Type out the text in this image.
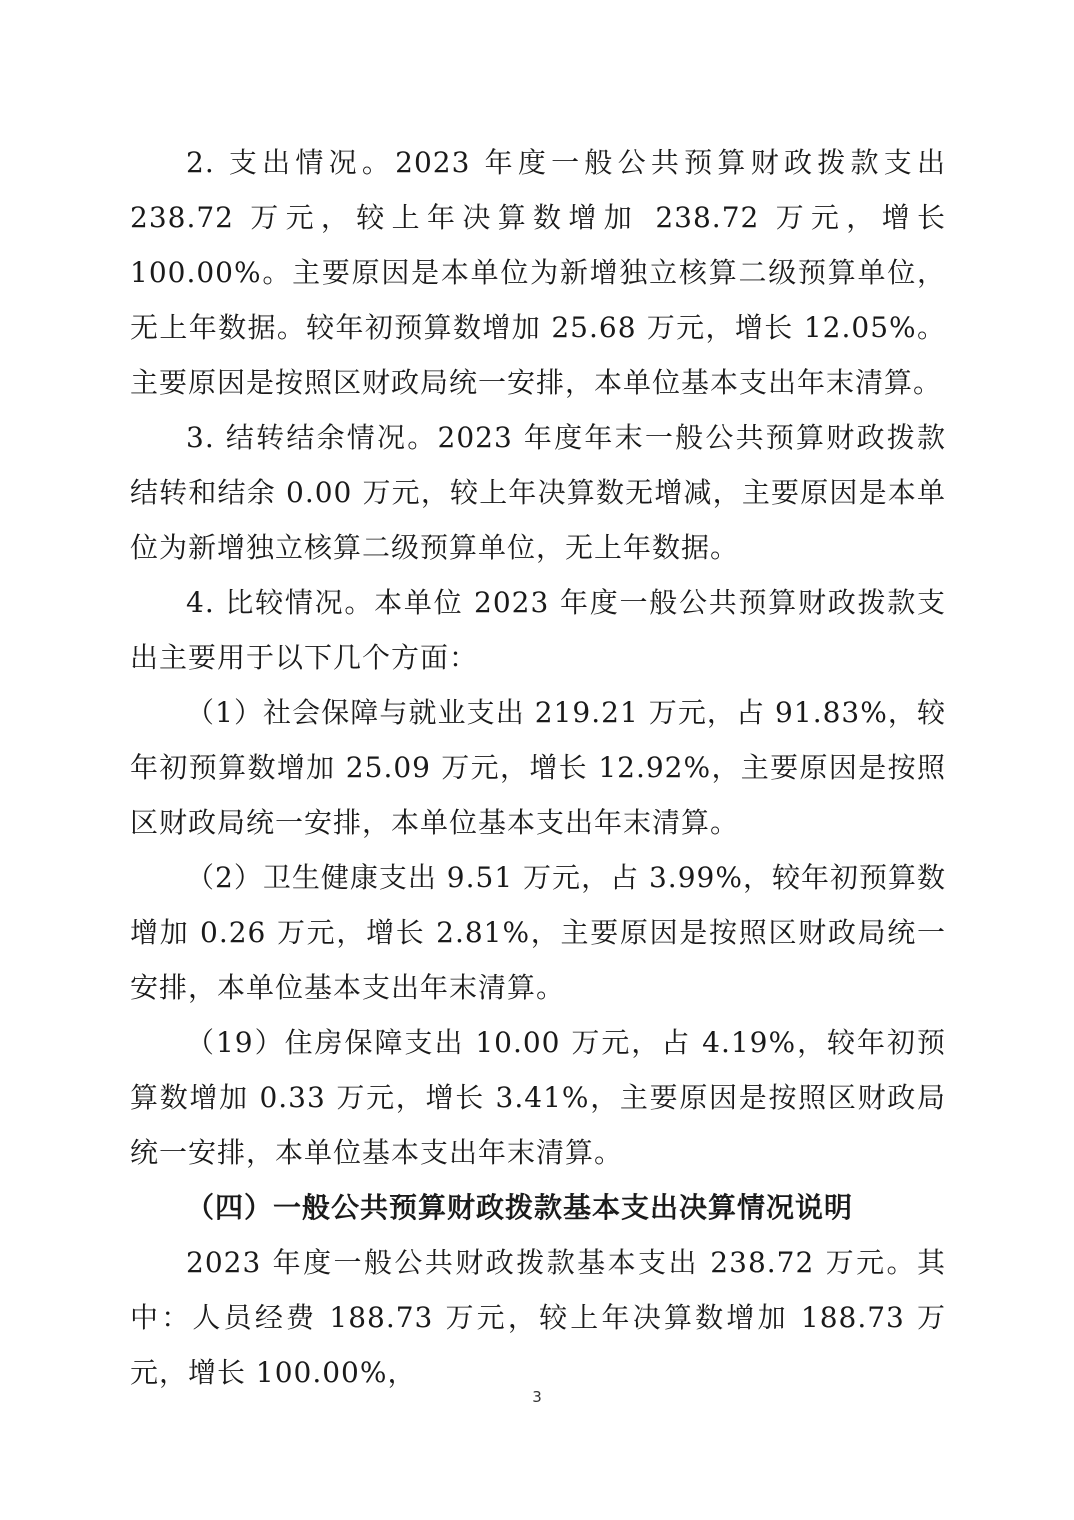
2. 支出情况。2023 年度一般公共预算财政拨款支出 238.72 万元，较上年决算数增加 238.72 万元，增长 100.00%。主要原因是本单位为新增独立核算二级预算单位，无上年数据。较年初预算数增加 25.68 万元，增长 12.05%。主要原因是按照区财政局统一安排，本单位基本支出年末清算。

3. 结转结余情况。2023 年度年末一般公共预算财政拨款结转和结余 0.00 万元，较上年决算数无增减，主要原因是本单位为新增独立核算二级预算单位，无上年数据。

4. 比较情况。本单位 2023 年度一般公共预算财政拨款支出主要用于以下几个方面：

（1）社会保障与就业支出 219.21 万元，占 91.83%，较年初预算数增加 25.09 万元，增长 12.92%，主要原因是按照区财政局统一安排，本单位基本支出年末清算。

（2）卫生健康支出 9.51 万元，占 3.99%，较年初预算数增加 0.26 万元，增长 2.81%，主要原因是按照区财政局统一安排，本单位基本支出年末清算。

（19）住房保障支出 10.00 万元，占 4.19%，较年初预算数增加 0.33 万元，增长 3.41%，主要原因是按照区财政局统一安排，本单位基本支出年末清算。

（四）一般公共预算财政拨款基本支出决算情况说明

2023 年度一般公共财政拨款基本支出 238.72 万元。其中：人员经费 188.73 万元，较上年决算数增加 188.73 万元，增长 100.00%，

3
